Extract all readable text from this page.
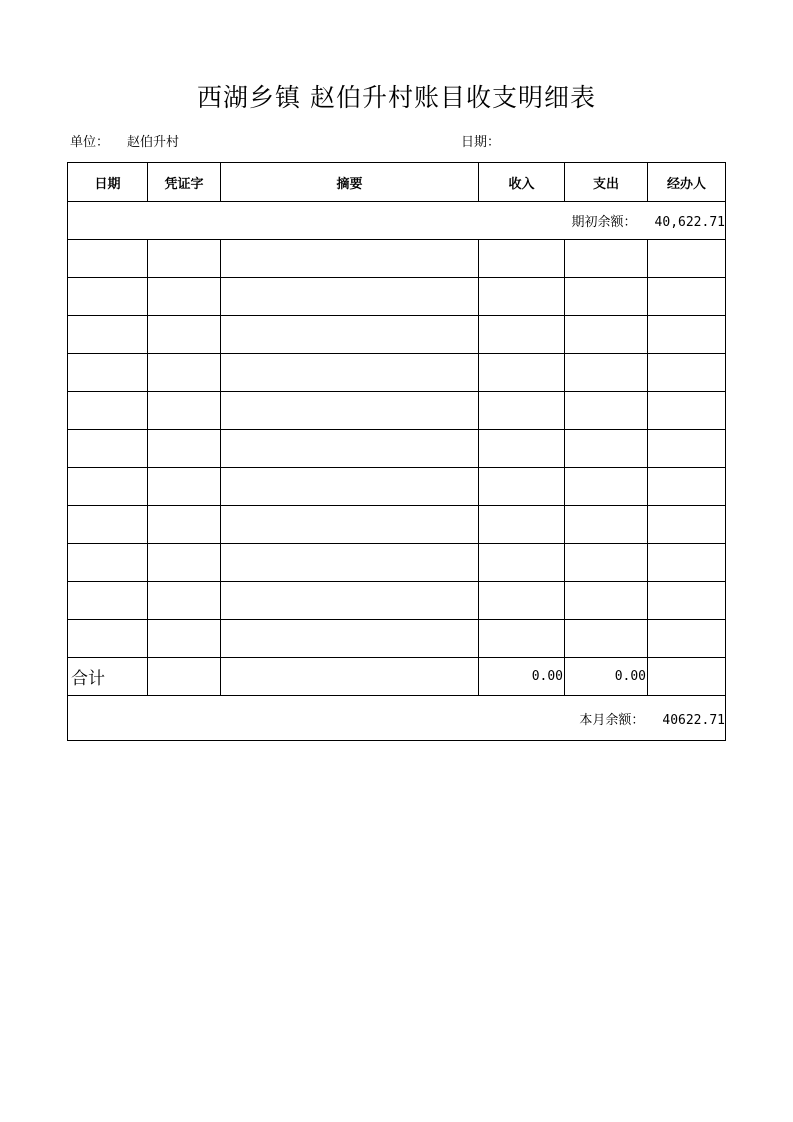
西湖乡镇 赵伯升村账目收支明细表
单位： 赵伯升村	日期：
日期	凭证字	摘要	收入	支出	经办人
期初余额： 40,622.71					

合计			0.00	0.00	
本月余额： 40622.71					
